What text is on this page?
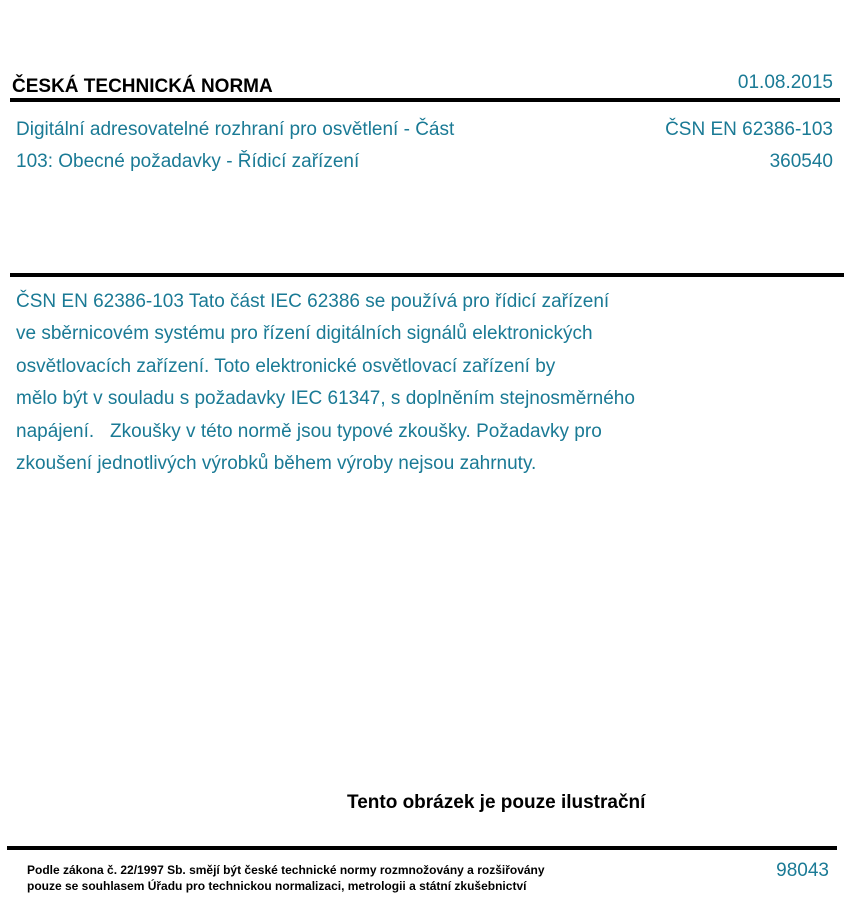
ČESKÁ TECHNICKÁ NORMA	01.08.2015
Digitální adresovatelné rozhraní pro osvětlení - Část
103: Obecné požadavky - Řídicí zařízení
ČSN EN 62386-103
360540
ČSN EN 62386-103 Tato část IEC 62386 se používá pro řídicí zařízení
ve sběrnicovém systému pro řízení digitálních signálů elektronických
osvětlovacích zařízení. Toto elektronické osvětlovací zařízení by
mělo být v souladu s požadavky IEC 61347, s doplněním stejnosměrného
napájení.   Zkoušky v této normě jsou typové zkoušky. Požadavky pro
zkoušení jednotlivých výrobků během výroby nejsou zahrnuty.
Tento obrázek je pouze ilustrační
Podle zákona č. 22/1997 Sb. smějí být české technické normy rozmnožovány a rozšiřovány
pouze se souhlasem Úřadu pro technickou normalizaci, metrologii a státní zkušebnictví
98043
